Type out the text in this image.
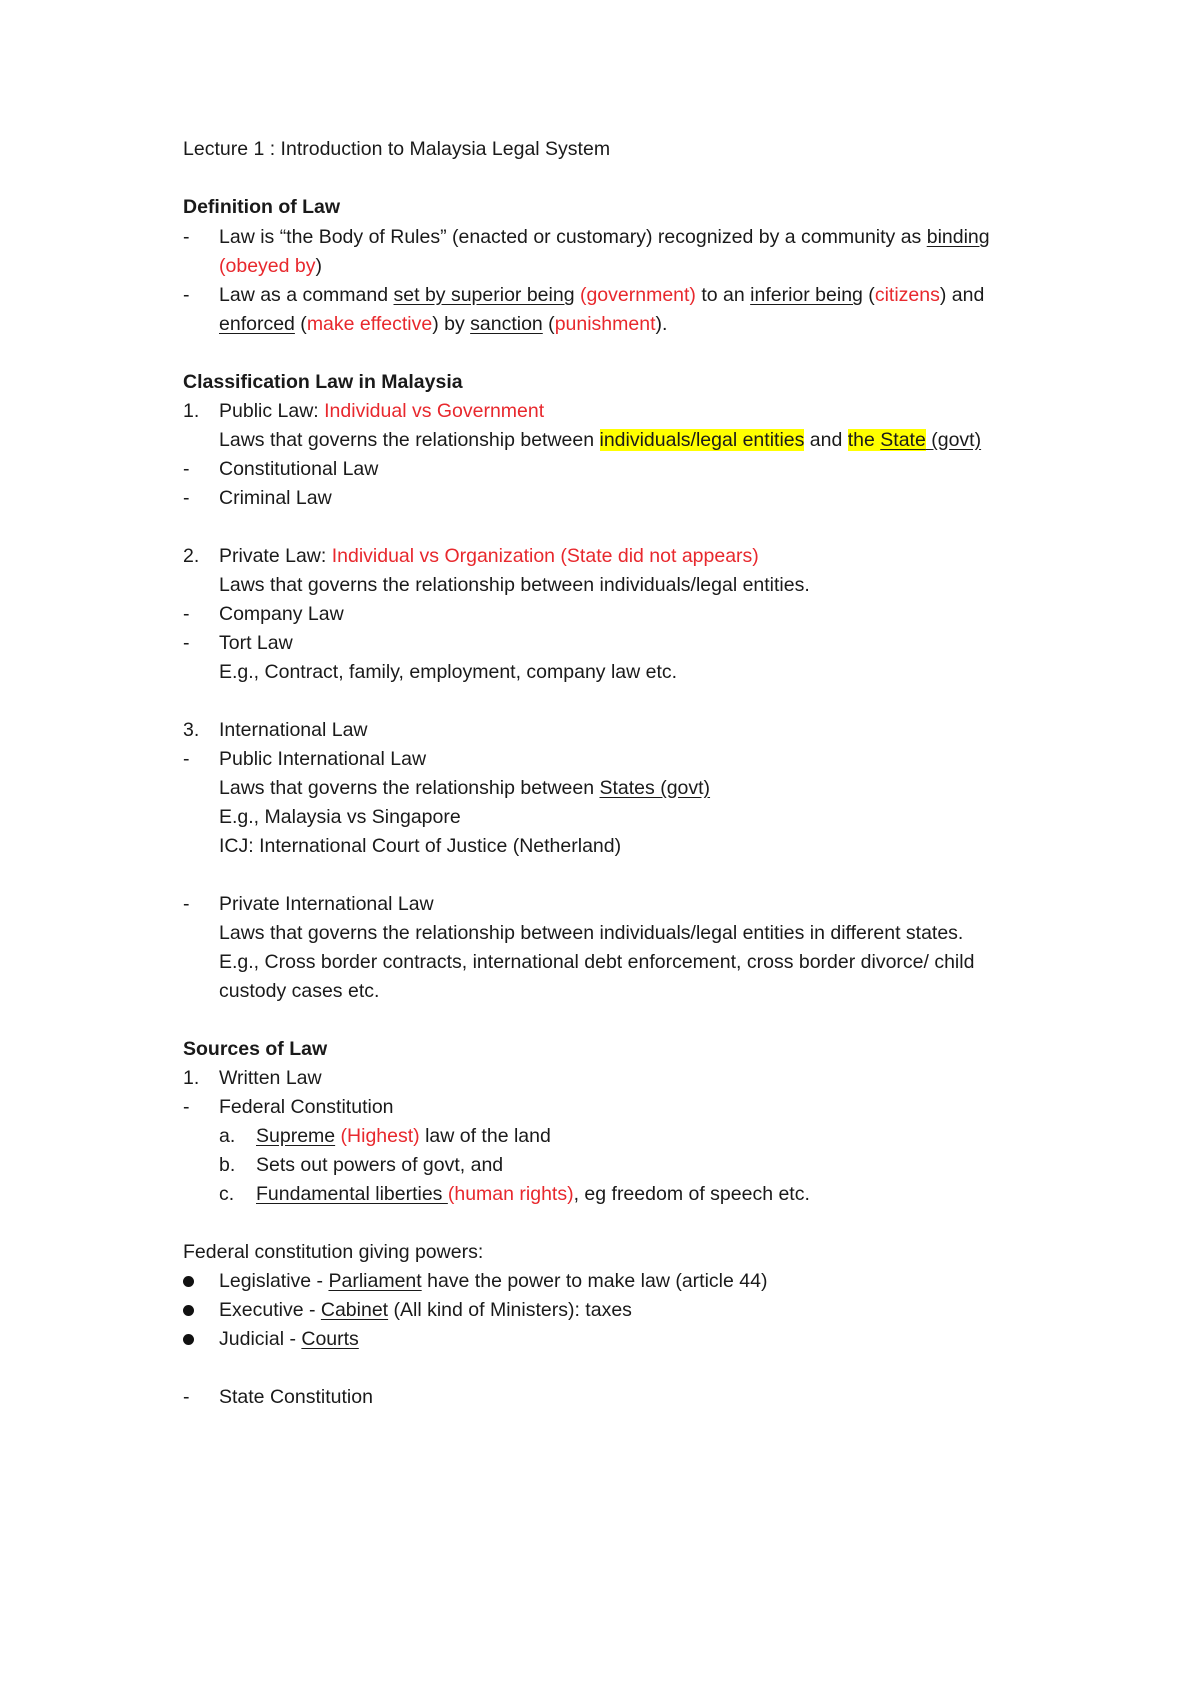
Lecture 1 : Introduction to Malaysia Legal System
Definition of Law
-	Law is “the Body of Rules” (enacted or customary) recognized by a community as binding
(obeyed by)
-	Law as a command set by superior being (government) to an inferior being (citizens) and
enforced (make effective) by sanction (punishment).
Classification Law in Malaysia
1.	Public Law: Individual vs Government
Laws that governs the relationship between individuals/legal entities and the State (govt)
-	Constitutional Law
-	Criminal Law
2.	Private Law: Individual vs Organization (State did not appears)
Laws that governs the relationship between individuals/legal entities.
-	Company Law
-	Tort Law
E.g., Contract, family, employment, company law etc.
3.	International Law
-	Public International Law
Laws that governs the relationship between States (govt)
E.g., Malaysia vs Singapore
ICJ: International Court of Justice (Netherland)
-	Private International Law
Laws that governs the relationship between individuals/legal entities in different states.
E.g., Cross border contracts, international debt enforcement, cross border divorce/ child
custody cases etc.
Sources of Law
1.	Written Law
-	Federal Constitution
a.	Supreme (Highest) law of the land
b.	Sets out powers of govt, and
c.	Fundamental liberties (human rights), eg freedom of speech etc.
Federal constitution giving powers:
Legislative - Parliament have the power to make law (article 44)
Executive - Cabinet (All kind of Ministers): taxes
Judicial - Courts
-	State Constitution
